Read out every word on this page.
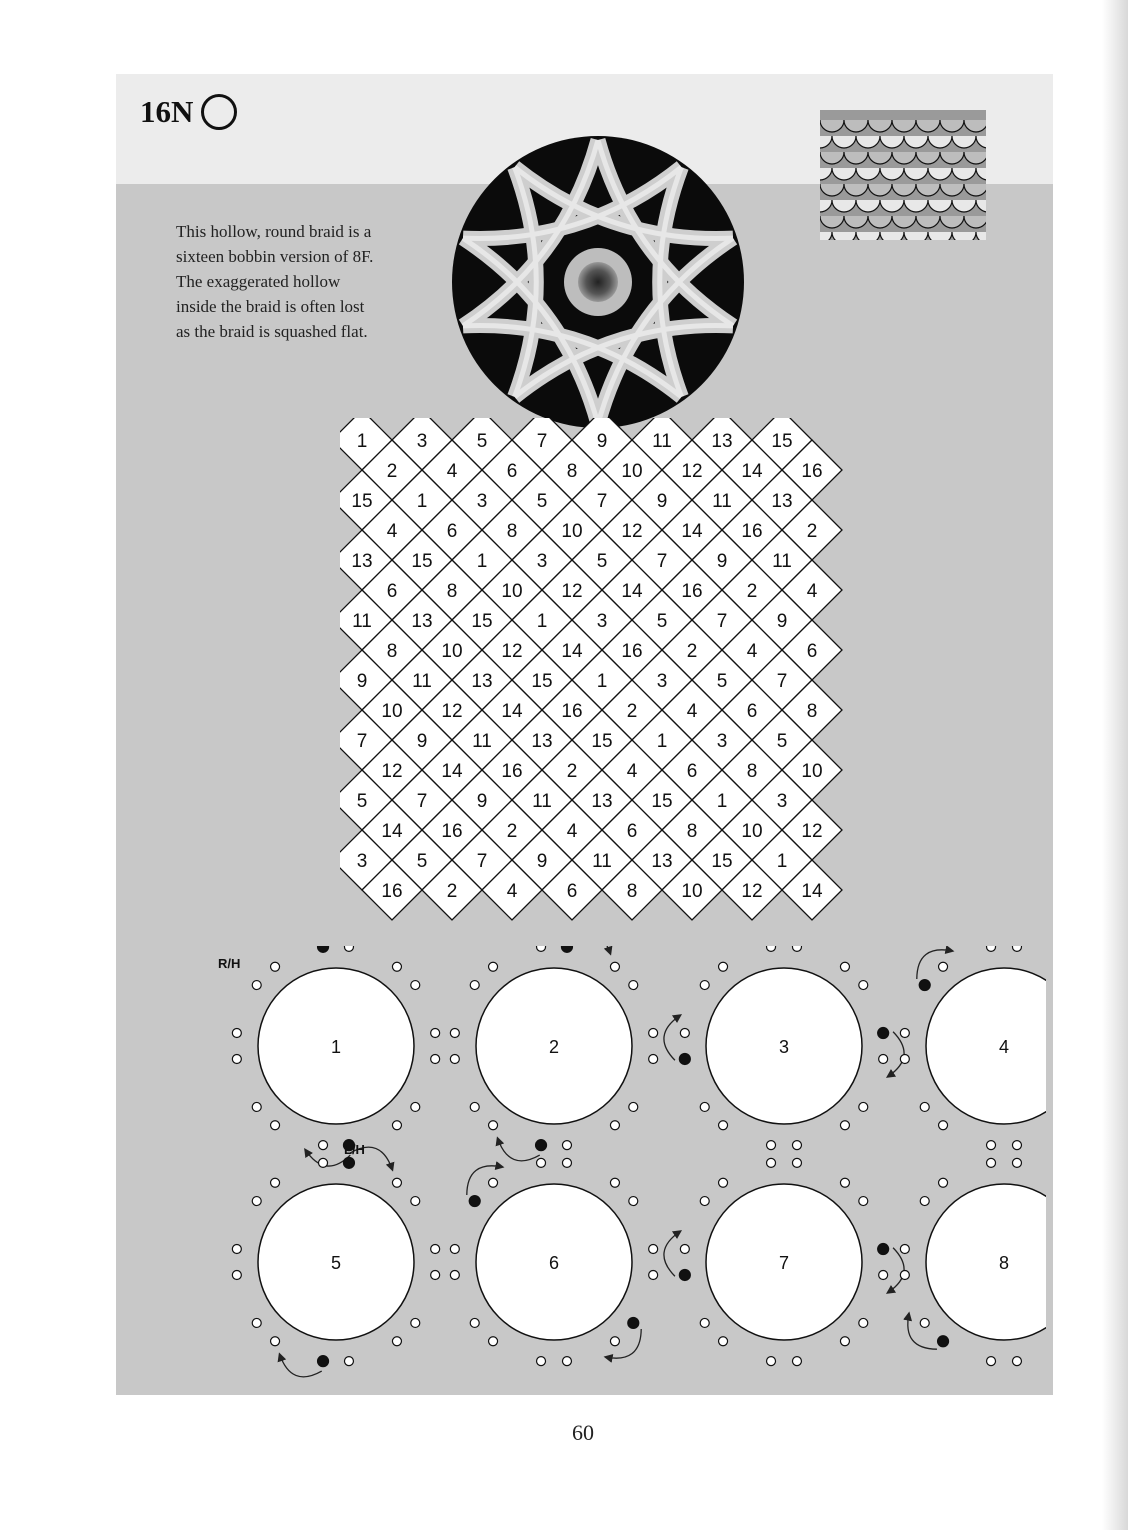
16N
This hollow, round braid is a
sixteen bobbin version of 8F.
The exaggerated hollow
inside the braid is often lost
as the braid is squashed flat.
1	3	5	7	9 11 13 15
2	4	6	8 10 12 14 16
15 1	3	5	7	9 11 13
4	6	8 10 12 14 16 2
13 15 1	3	5	7	9 11
6	8 10 12 14 16 2	4
11 13 15 1	3	5	7	9
8 10 12 14 16 2	4	6
9 11 13 15 1	3	5	7
10 12 14 16 2	4	6	8
7	9 11 13 15 1	3	5
12 14 16 2	4	6	8 10
5	7	9 11 13 15 1	3
14 16 2	4	6	8 10 12
3	5	7	9 11 13 15 1
16 2	4	6	8 10 12 14
1	2	3	4
5	6	7	8
R/H
L/H
60
